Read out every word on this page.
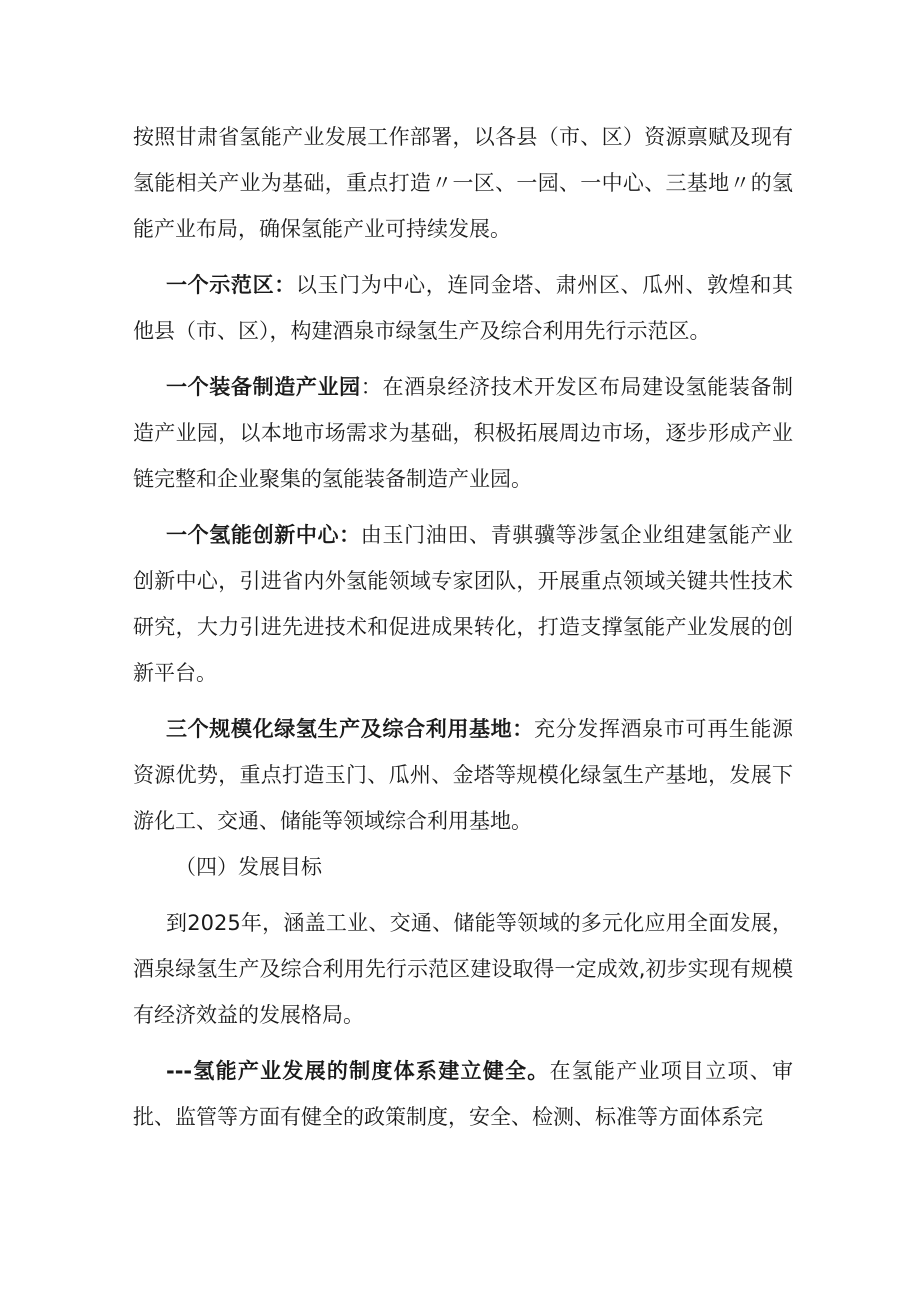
按照甘肃省氢能产业发展工作部署，以各县（市、区）资源禀赋及现有氢能相关产业为基础，重点打造〃一区、一园、一中心、三基地〃的氢能产业布局，确保氢能产业可持续发展。

一个示范区：以玉门为中心，连同金塔、肃州区、瓜州、敦煌和其他县（市、区），构建酒泉市绿氢生产及综合利用先行示范区。

一个装备制造产业园：在酒泉经济技术开发区布局建设氢能装备制造产业园，以本地市场需求为基础，积极拓展周边市场，逐步形成产业链完整和企业聚集的氢能装备制造产业园。

一个氢能创新中心：由玉门油田、青骐骥等涉氢企业组建氢能产业创新中心，引进省内外氢能领域专家团队，开展重点领域关键共性技术研究，大力引进先进技术和促进成果转化，打造支撑氢能产业发展的创新平台。

三个规模化绿氢生产及综合利用基地：充分发挥酒泉市可再生能源资源优势，重点打造玉门、瓜州、金塔等规模化绿氢生产基地，发展下游化工、交通、储能等领域综合利用基地。

（四）发展目标

到2025年，涵盖工业、交通、储能等领域的多元化应用全面发展，酒泉绿氢生产及综合利用先行示范区建设取得一定成效,初步实现有规模有经济效益的发展格局。

---氢能产业发展的制度体系建立健全。在氢能产业项目立项、审批、监管等方面有健全的政策制度，安全、检测、标准等方面体系完
